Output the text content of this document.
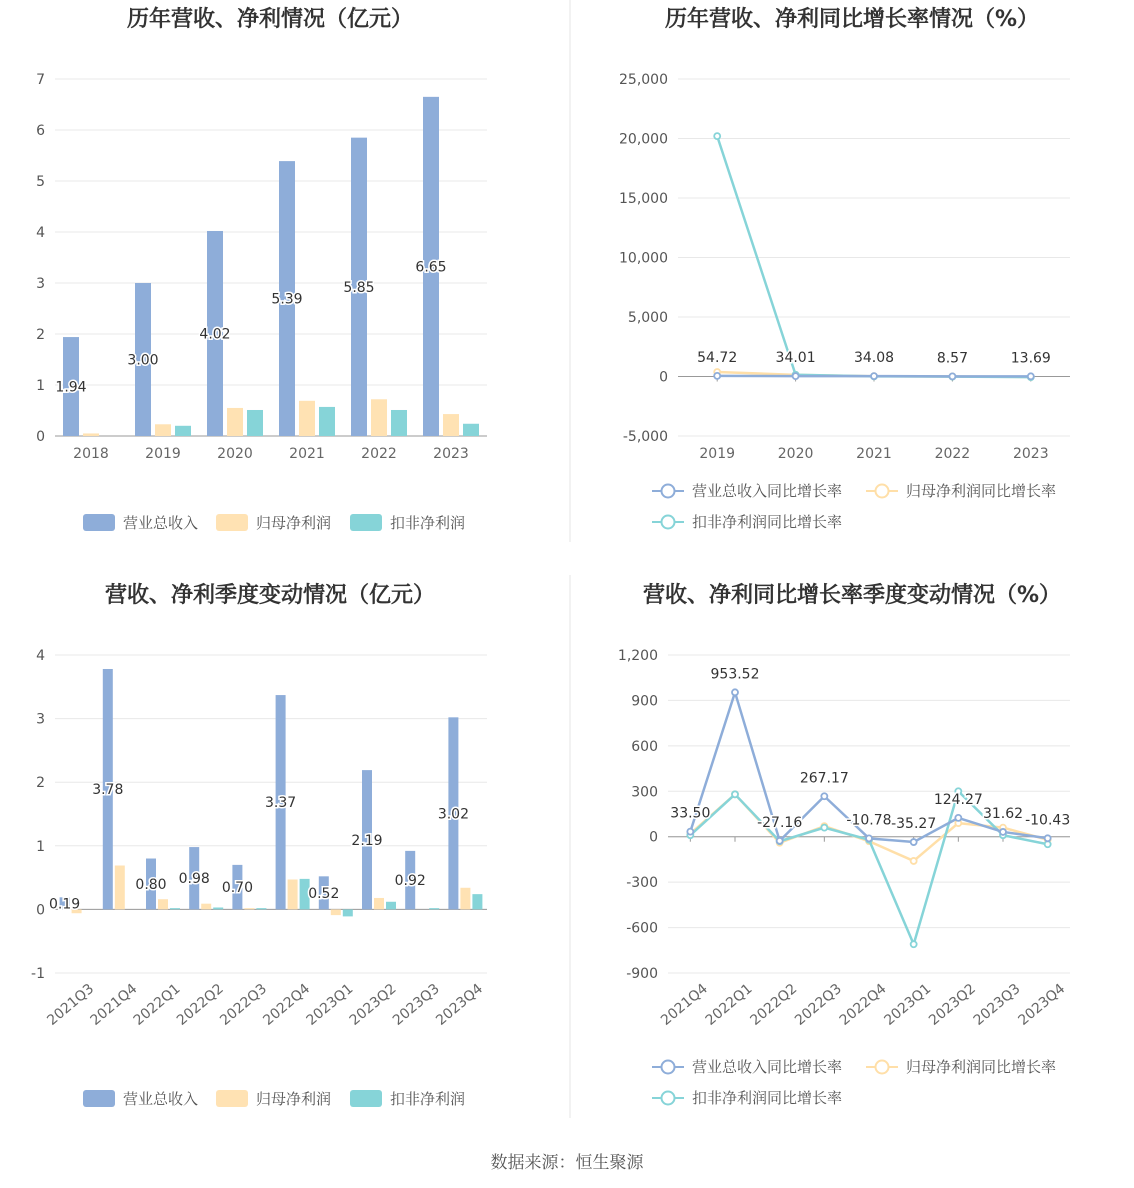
历年营收、净利情况（亿元）	历年营收、净利同比增长率情况（%）
营收、净利季度变动情况（亿元）	营收、净利同比增长率季度变动情况（%）
0
1
2
3
4
5
6
7
1.94
3.00
4.02
5.39
5.85
6.65
2018	2019	2020	2021	2022	2023
营业总收入	归母净利润	扣非净利润
-5,000
0
5,000
10,000
15,000
20,000
25,000
54.72	34.01	34.08	8.57	13.69
2019	2020	2021	2022	2023
营业总收入同比增长率	归母净利润同比增长率
扣非净利润同比增长率
-1
0
1
2
3
4
0.19
3.78
0.80 0.98
0.70
3.37
0.52
2.19
0.92
3.02
2021Q3
2021Q4
2022Q1
2022Q2
2022Q3
2022Q4
2023Q1
2023Q2
2023Q3
2023Q4
营业总收入	归母净利润	扣非净利润
-900
-600
-300
0
300
600
900
1,200
33.50
953.52
-27.16
267.17
-10.78 -35.27
124.27
31.62 -10.43
2021Q4
2022Q1
2022Q2
2022Q3
2022Q4
2023Q1
2023Q2
2023Q3
2023Q4
营业总收入同比增长率	归母净利润同比增长率
扣非净利润同比增长率
数据来源：恒生聚源
